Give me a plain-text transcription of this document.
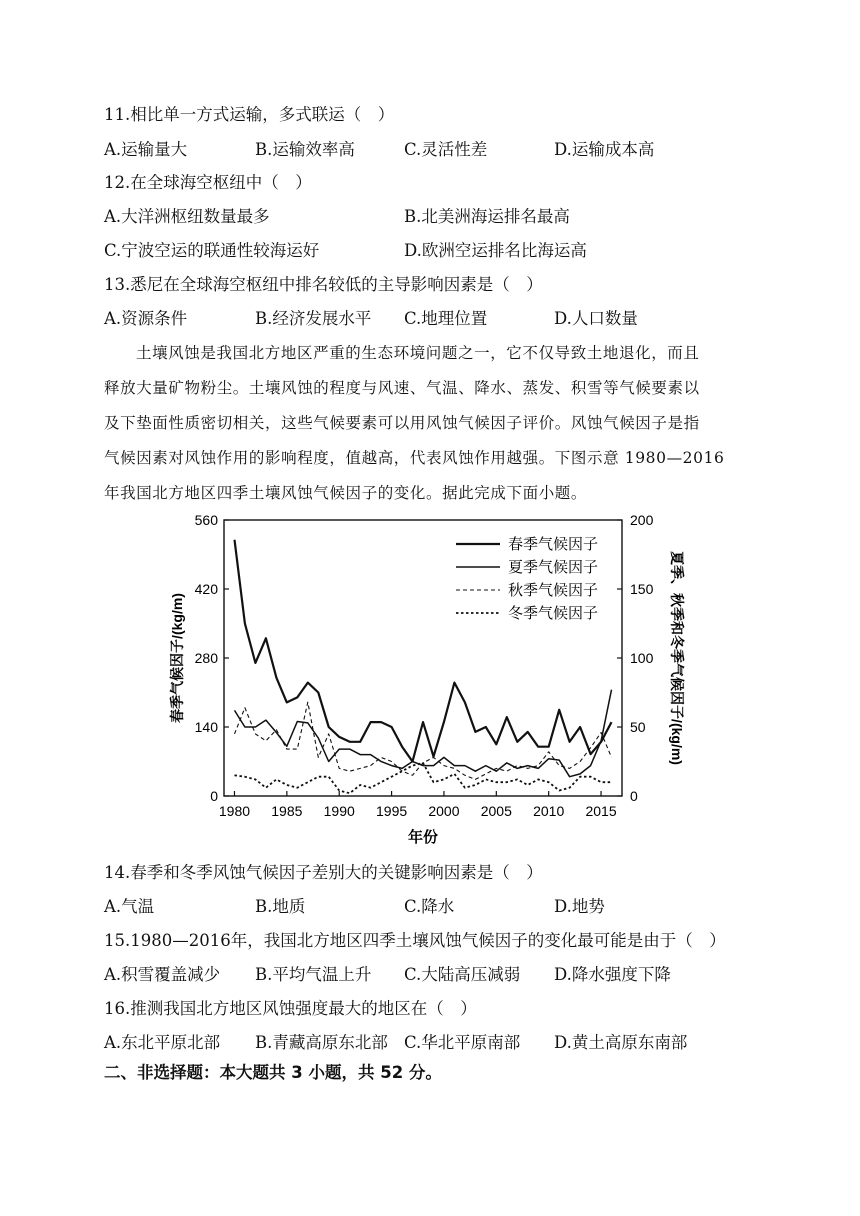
11.相比单一方式运输，多式联运（　）
A.运输量大	B.运输效率高	C.灵活性差	D.运输成本高
12.在全球海空枢纽中（　）
A.大洋洲枢纽数量最多	B.北美洲海运排名最高
C.宁波空运的联通性较海运好	D.欧洲空运排名比海运高
13.悉尼在全球海空枢纽中排名较低的主导影响因素是（　）
A.资源条件	B.经济发展水平 C.地理位置	D.人口数量

土壤风蚀是我国北方地区严重的生态环境问题之一，它不仅导致土地退化，而且

释放大量矿物粉尘。土壤风蚀的程度与风速、气温、降水、蒸发、积雪等气候要素以

及下垫面性质密切相关，这些气候要素可以用风蚀气候因子评价。风蚀气候因子是指

气候因素对风蚀作用的影响程度，值越高，代表风蚀作用越强。下图示意 1980—2016

年我国北方地区四季土壤风蚀气候因子的变化。据此完成下面小题。

0
140
280
420
560
0
50
100
150
200
1980 1985 1990 1995 2000 2005 2010 2015
春季气候因子/(kg/m)	夏季、秋季和冬季气候因子/(kg/m)
年份
春季气候因子
夏季气候因子
秋季气候因子
冬季气候因子
14.春季和冬季风蚀气候因子差别大的关键影响因素是（　）
A.气温	B.地质	C.降水	D.地势
15.1980—2016年，我国北方地区四季土壤风蚀气候因子的变化最可能是由于（　）
A.积雪覆盖减少 B.平均气温上升 C.大陆高压减弱 D.降水强度下降
16.推测我国北方地区风蚀强度最大的地区在（　）
A.东北平原北部 B.青藏高原东北部 C.华北平原南部 D.黄土高原东南部
二、非选择题：本大题共 3 小题，共 52 分。
